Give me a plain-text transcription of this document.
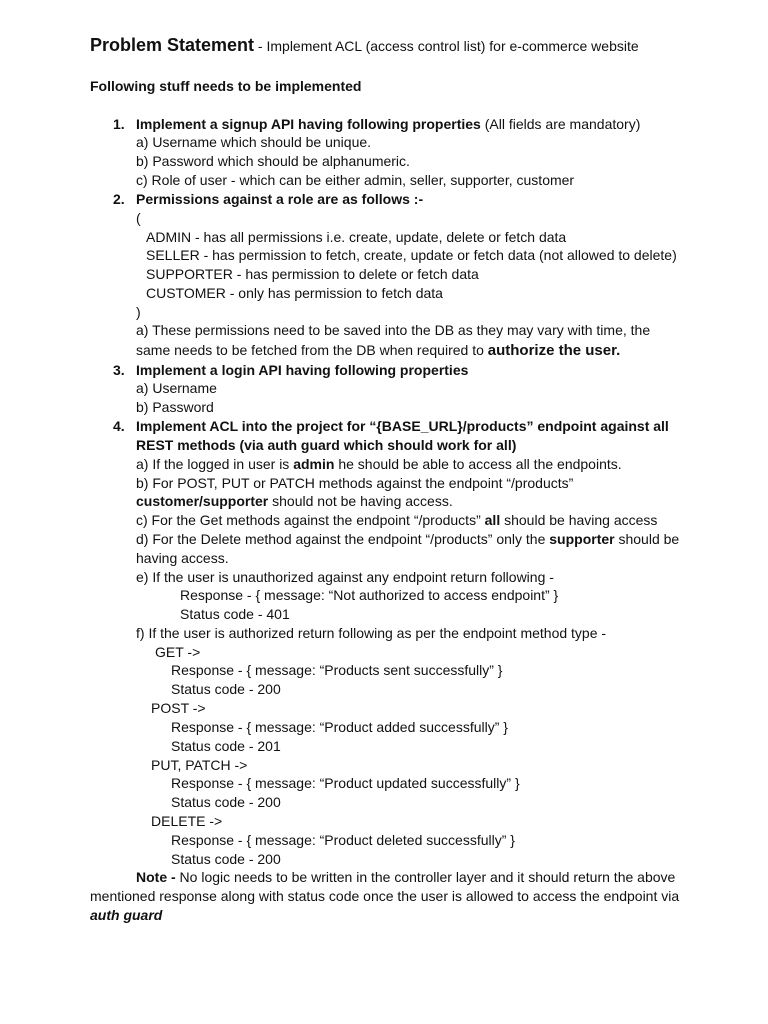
Problem Statement - Implement ACL (access control list) for e-commerce website
Following stuff needs to be implemented
1. Implement a signup API having following properties (All fields are mandatory)
a) Username which should be unique.
b) Password which should be alphanumeric.
c) Role of user - which can be either admin, seller, supporter, customer
2. Permissions against a role are as follows :-
(
ADMIN - has all permissions i.e. create, update, delete or fetch data
SELLER - has permission to fetch, create, update or fetch data (not allowed to delete)
SUPPORTER - has permission to delete or fetch data
CUSTOMER - only has permission to fetch data
)
a) These permissions need to be saved into the DB as they may vary with time, the
same needs to be fetched from the DB when required to authorize the user.
3. Implement a login API having following properties
a) Username
b) Password
4. Implement ACL into the project for “{BASE_URL}/products” endpoint against all
REST methods (via auth guard which should work for all)
a) If the logged in user is admin he should be able to access all the endpoints.
b) For POST, PUT or PATCH methods against the endpoint “/products”
customer/supporter should not be having access.
c) For the Get methods against the endpoint “/products” all should be having access
d) For the Delete method against the endpoint “/products” only the supporter should be
having access.
e) If the user is unauthorized against any endpoint return following -
Response - { message: “Not authorized to access endpoint” }
Status code - 401
f) If the user is authorized return following as per the endpoint method type -
GET ->
Response - { message: “Products sent successfully” }
Status code - 200
POST ->
Response - { message: “Product added successfully” }
Status code - 201
PUT, PATCH ->
Response - { message: “Product updated successfully” }
Status code - 200
DELETE ->
Response - { message: “Product deleted successfully” }
Status code - 200
Note - No logic needs to be written in the controller layer and it should return the above
mentioned response along with status code once the user is allowed to access the endpoint via
auth guard
